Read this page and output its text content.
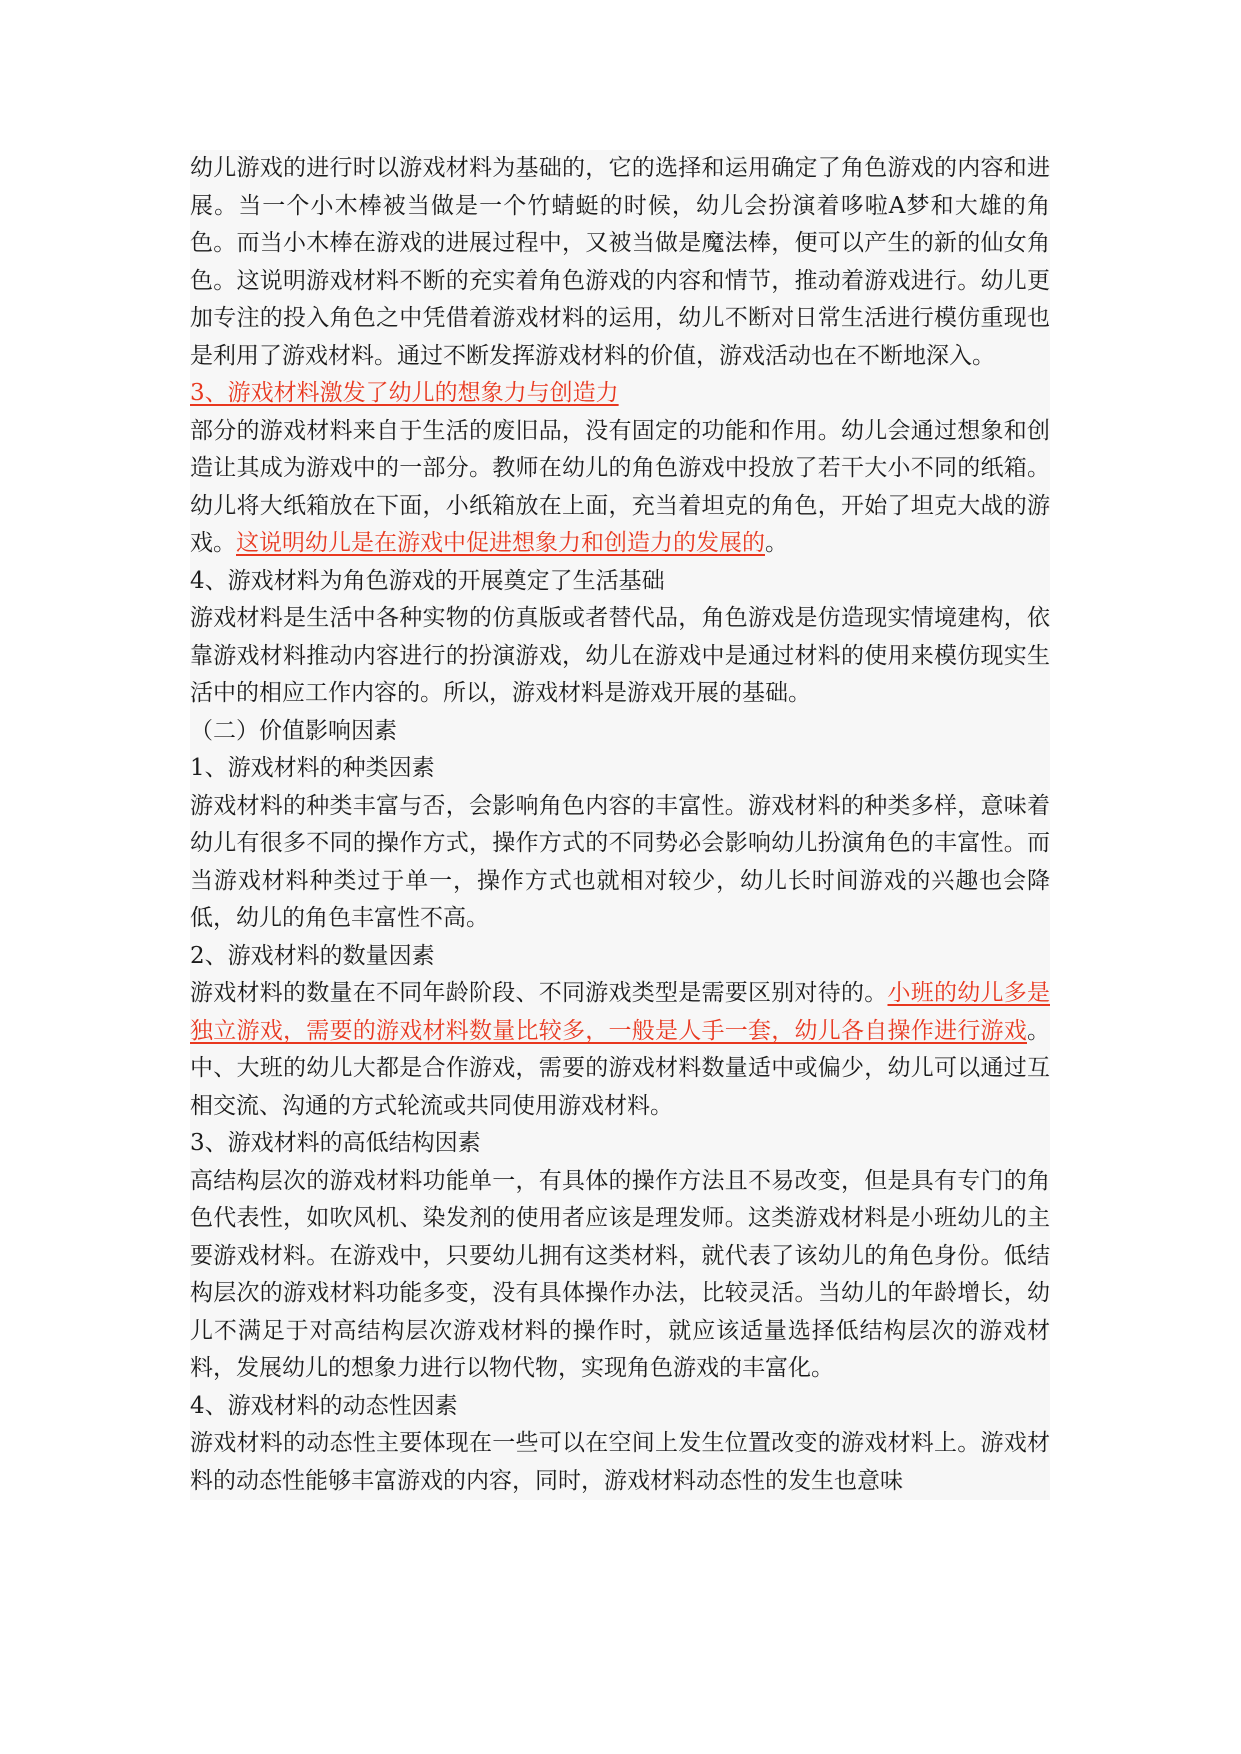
幼儿游戏的进行时以游戏材料为基础的，它的选择和运用确定了角色游戏的内容和进展。当一个小木棒被当做是一个竹蜻蜓的时候，幼儿会扮演着哆啦A梦和大雄的角色。而当小木棒在游戏的进展过程中，又被当做是魔法棒，便可以产生的新的仙女角色。这说明游戏材料不断的充实着角色游戏的内容和情节，推动着游戏进行。幼儿更加专注的投入角色之中凭借着游戏材料的运用，幼儿不断对日常生活进行模仿重现也是利用了游戏材料。通过不断发挥游戏材料的价值，游戏活动也在不断地深入。

3、游戏材料激发了幼儿的想象力与创造力

部分的游戏材料来自于生活的废旧品，没有固定的功能和作用。幼儿会通过想象和创造让其成为游戏中的一部分。教师在幼儿的角色游戏中投放了若干大小不同的纸箱。幼儿将大纸箱放在下面，小纸箱放在上面，充当着坦克的角色，开始了坦克大战的游戏。这说明幼儿是在游戏中促进想象力和创造力的发展的。

4、游戏材料为角色游戏的开展奠定了生活基础

游戏材料是生活中各种实物的仿真版或者替代品，角色游戏是仿造现实情境建构，依靠游戏材料推动内容进行的扮演游戏，幼儿在游戏中是通过材料的使用来模仿现实生活中的相应工作内容的。所以，游戏材料是游戏开展的基础。

（二）价值影响因素

1、游戏材料的种类因素

游戏材料的种类丰富与否，会影响角色内容的丰富性。游戏材料的种类多样，意味着幼儿有很多不同的操作方式，操作方式的不同势必会影响幼儿扮演角色的丰富性。而当游戏材料种类过于单一，操作方式也就相对较少，幼儿长时间游戏的兴趣也会降低，幼儿的角色丰富性不高。

2、游戏材料的数量因素

游戏材料的数量在不同年龄阶段、不同游戏类型是需要区别对待的。小班的幼儿多是独立游戏，需要的游戏材料数量比较多，一般是人手一套，幼儿各自操作进行游戏。中、大班的幼儿大都是合作游戏，需要的游戏材料数量适中或偏少，幼儿可以通过互相交流、沟通的方式轮流或共同使用游戏材料。

3、游戏材料的高低结构因素

高结构层次的游戏材料功能单一，有具体的操作方法且不易改变，但是具有专门的角色代表性，如吹风机、染发剂的使用者应该是理发师。这类游戏材料是小班幼儿的主要游戏材料。在游戏中，只要幼儿拥有这类材料，就代表了该幼儿的角色身份。低结构层次的游戏材料功能多变，没有具体操作办法，比较灵活。当幼儿的年龄增长，幼儿不满足于对高结构层次游戏材料的操作时，就应该适量选择低结构层次的游戏材料，发展幼儿的想象力进行以物代物，实现角色游戏的丰富化。

4、游戏材料的动态性因素

游戏材料的动态性主要体现在一些可以在空间上发生位置改变的游戏材料上。游戏材料的动态性能够丰富游戏的内容，同时，游戏材料动态性的发生也意味
